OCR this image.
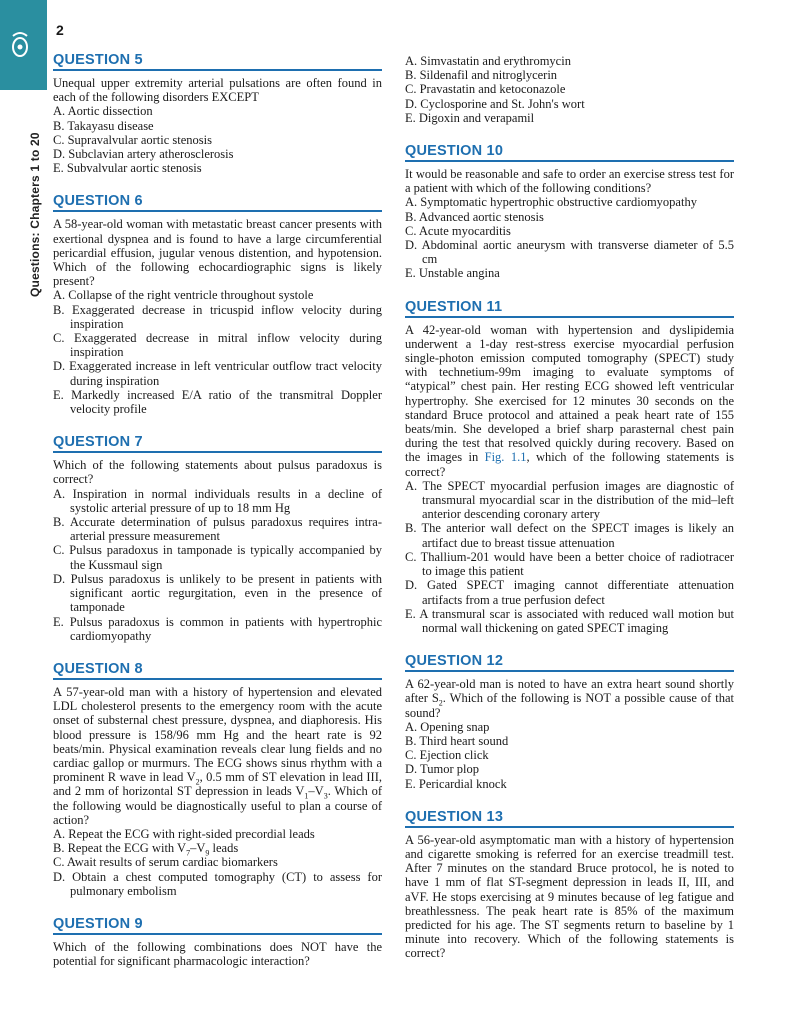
2
Questions: Chapters 1 to 20
QUESTION 5

Unequal upper extremity arterial pulsations are often found in each of the following disorders EXCEPT

A. Aortic dissection
B. Takayasu disease
C. Supravalvular aortic stenosis
D. Subclavian artery atherosclerosis
E. Subvalvular aortic stenosis
QUESTION 6

A 58-year-old woman with metastatic breast cancer presents with exertional dyspnea and is found to have a large circumferential pericardial effusion, jugular venous distention, and hypotension. Which of the following echocardiographic signs is likely present?

A. Collapse of the right ventricle throughout systole
B. Exaggerated decrease in tricuspid inflow velocity during inspiration
C. Exaggerated decrease in mitral inflow velocity during inspiration
D. Exaggerated increase in left ventricular outflow tract velocity during inspiration
E. Markedly increased E/A ratio of the transmitral Doppler velocity profile
QUESTION 7

Which of the following statements about pulsus paradoxus is correct?

A. Inspiration in normal individuals results in a decline of systolic arterial pressure of up to 18 mm Hg
B. Accurate determination of pulsus paradoxus requires intra-arterial pressure measurement
C. Pulsus paradoxus in tamponade is typically accompanied by the Kussmaul sign
D. Pulsus paradoxus is unlikely to be present in patients with significant aortic regurgitation, even in the presence of tamponade
E. Pulsus paradoxus is common in patients with hypertrophic cardiomyopathy
QUESTION 8

A 57-year-old man with a history of hypertension and elevated LDL cholesterol presents to the emergency room with the acute onset of substernal chest pressure, dyspnea, and diaphoresis. His blood pressure is 158/96 mm Hg and the heart rate is 92 beats/min. Physical examination reveals clear lung fields and no cardiac gallop or murmurs. The ECG shows sinus rhythm with a prominent R wave in lead $V_2$, 0.5 mm of ST elevation in lead III, and 2 mm of horizontal ST depression in leads $V_1-V_3$. Which of the following would be diagnostically useful to plan a course of action?

A. Repeat the ECG with right-sided precordial leads
B. Repeat the ECG with $V_7-V_9$ leads
C. Await results of serum cardiac biomarkers
D. Obtain a chest computed tomography (CT) to assess for pulmonary embolism
QUESTION 9

Which of the following combinations does NOT have the potential for significant pharmacologic interaction?

A. Simvastatin and erythromycin
B. Sildenafil and nitroglycerin
C. Pravastatin and ketoconazole
D. Cyclosporine and St. John's wort
E. Digoxin and verapamil
QUESTION 10

It would be reasonable and safe to order an exercise stress test for a patient with which of the following conditions?

A. Symptomatic hypertrophic obstructive cardiomyopathy
B. Advanced aortic stenosis
C. Acute myocarditis
D. Abdominal aortic aneurysm with transverse diameter of 5.5 cm
E. Unstable angina
QUESTION 11

A 42-year-old woman with hypertension and dyslipidemia underwent a 1-day rest-stress exercise myocardial perfusion single-photon emission computed tomography (SPECT) study with technetium-99m imaging to evaluate symptoms of “atypical” chest pain. Her resting ECG showed left ventricular hypertrophy. She exercised for 12 minutes 30 seconds on the standard Bruce protocol and attained a peak heart rate of 155 beats/min. She developed a brief sharp parasternal chest pain during the test that resolved quickly during recovery. Based on the images in Fig. 1.1, which of the following statements is correct?

A. The SPECT myocardial perfusion images are diagnostic of transmural myocardial scar in the distribution of the mid–left anterior descending coronary artery
B. The anterior wall defect on the SPECT images is likely an artifact due to breast tissue attenuation
C. Thallium-201 would have been a better choice of radiotracer to image this patient
D. Gated SPECT imaging cannot differentiate attenuation artifacts from a true perfusion defect
E. A transmural scar is associated with reduced wall motion but normal wall thickening on gated SPECT imaging
QUESTION 12

A 62-year-old man is noted to have an extra heart sound shortly after $S_2$. Which of the following is NOT a possible cause of that sound?

A. Opening snap
B. Third heart sound
C. Ejection click
D. Tumor plop
E. Pericardial knock
QUESTION 13

A 56-year-old asymptomatic man with a history of hypertension and cigarette smoking is referred for an exercise treadmill test. After 7 minutes on the standard Bruce protocol, he is noted to have 1 mm of flat ST-segment depression in leads II, III, and aVF. He stops exercising at 9 minutes because of leg fatigue and breathlessness. The peak heart rate is 85% of the maximum predicted for his age. The ST segments return to baseline by 1 minute into recovery. Which of the following statements is correct?
